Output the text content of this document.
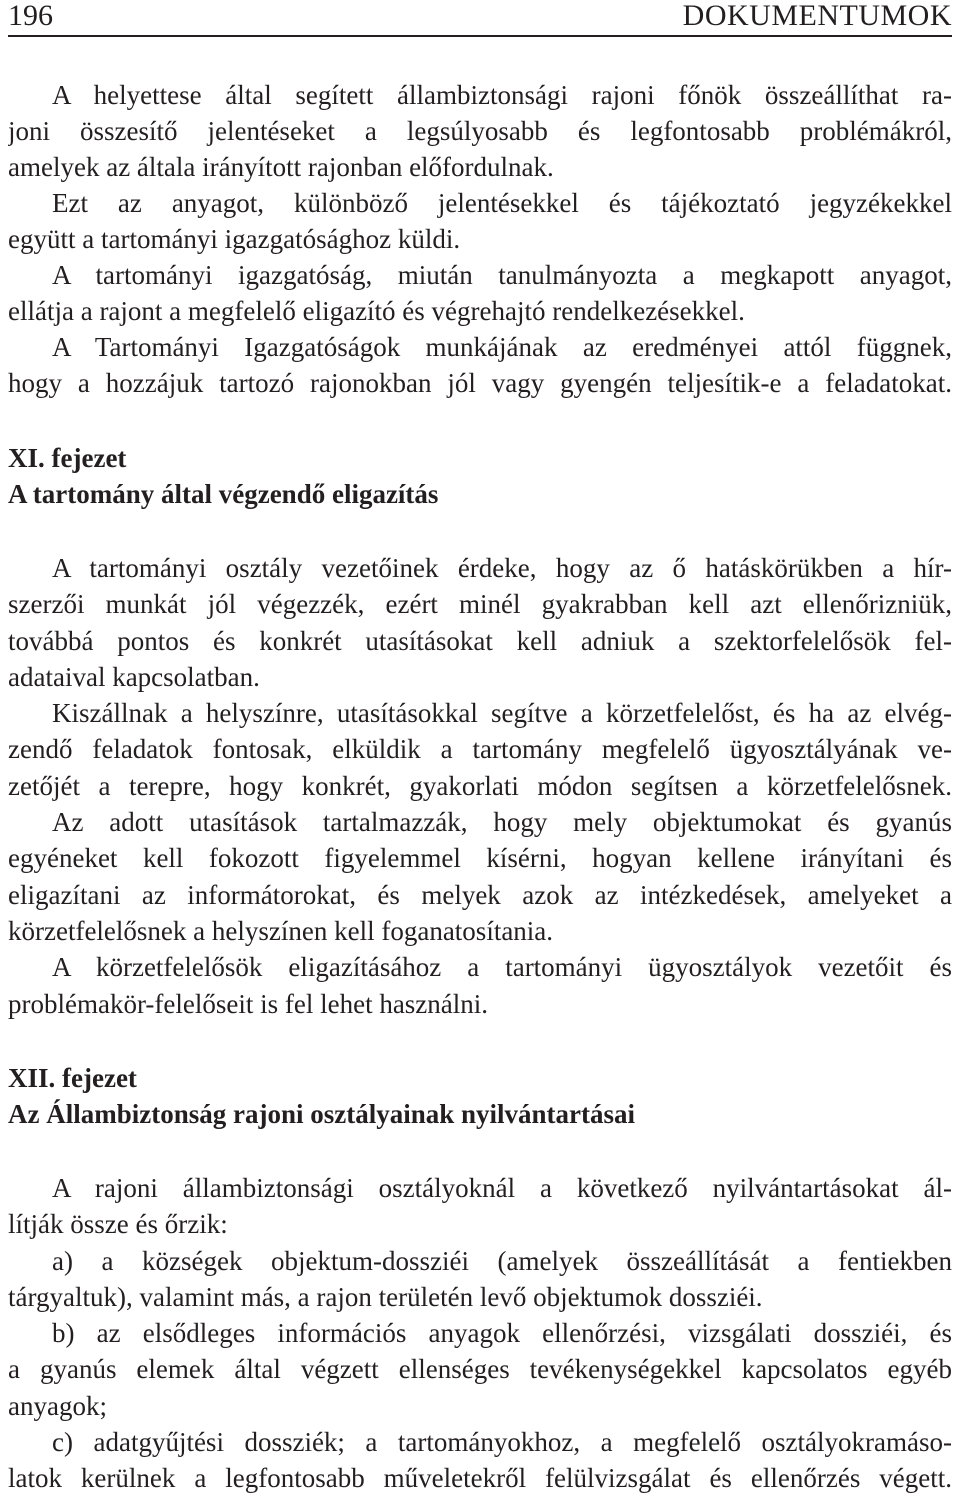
196	DOKUMENTUMOK
A helyettese által segített állambiztonsági rajoni főnök összeállíthat ra-
joni összesítő jelentéseket a legsúlyosabb és legfontosabb problémákról,
amelyek az általa irányított rajonban előfordulnak.
Ezt az anyagot, különböző jelentésekkel és tájékoztató jegyzékekkel
együtt a tartományi igazgatósághoz küldi.
A tartományi igazgatóság, miután tanulmányozta a megkapott anyagot,
ellátja a rajont a megfelelő eligazító és végrehajtó rendelkezésekkel.
A Tartományi Igazgatóságok munkájának az eredményei attól függnek,
hogy a hozzájuk tartozó rajonokban jól vagy gyengén teljesítik-e a feladatokat.
XI. fejezet
A tartomány által végzendő eligazítás
A tartományi osztály vezetőinek érdeke, hogy az ő hatáskörükben a hír-
szerzői munkát jól végezzék, ezért minél gyakrabban kell azt ellenőrizniük,
továbbá pontos és konkrét utasításokat kell adniuk a szektorfelelősök fel-
adataival kapcsolatban.
Kiszállnak a helyszínre, utasításokkal segítve a körzetfelelőst, és ha az elvég-
zendő feladatok fontosak, elküldik a tartomány megfelelő ügyosztályának ve-
zetőjét a terepre, hogy konkrét, gyakorlati módon segítsen a körzetfelelősnek.
Az adott utasítások tartalmazzák, hogy mely objektumokat és gyanús
egyéneket kell fokozott figyelemmel kísérni, hogyan kellene irányítani és
eligazítani az informátorokat, és melyek azok az intézkedések, amelyeket a
körzetfelelősnek a helyszínen kell foganatosítania.
A körzetfelelősök eligazításához a tartományi ügyosztályok vezetőit és
problémakör-felelőseit is fel lehet használni.
XII. fejezet
Az Állambiztonság rajoni osztályainak nyilvántartásai
A rajoni állambiztonsági osztályoknál a következő nyilvántartásokat ál-
lítják össze és őrzik:
a) a községek objektum-dossziéi (amelyek összeállítását a fentiekben
tárgyaltuk), valamint más, a rajon területén levő objektumok dossziéi.
b) az elsődleges információs anyagok ellenőrzési, vizsgálati dossziéi, és
a gyanús elemek által végzett ellenséges tevékenységekkel kapcsolatos egyéb
anyagok;
c) adatgyűjtési dossziék; a tartományokhoz, a megfelelő osztályokramáso-
latok kerülnek a legfontosabb műveletekről felülvizsgálat és ellenőrzés végett.
